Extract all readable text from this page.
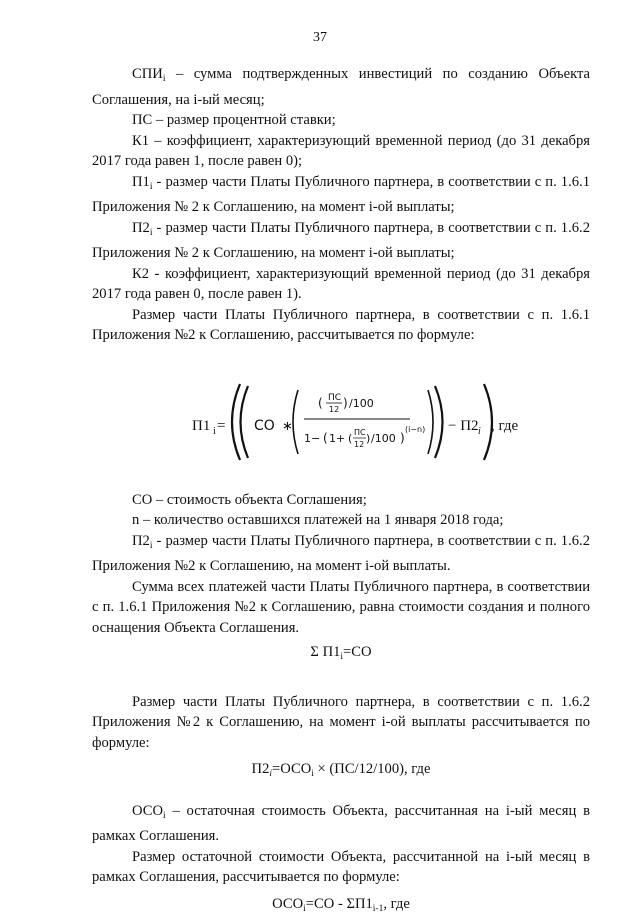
37

$СПИ_i$ – сумма подтвержденных инвестиций по созданию Объекта Соглашения, на i-ый месяц;

ПС – размер процентной ставки;

К1 – коэффициент, характеризующий временной период (до 31 декабря 2017 года равен 1, после равен 0);

$П1_i$ - размер части Платы Публичного партнера, в соответствии с п. 1.6.1 Приложения № 2 к Соглашению, на момент i-ой выплаты;

$П2_i$ - размер части Платы Публичного партнера, в соответствии с п. 1.6.2 Приложения № 2 к Соглашению, на момент i-ой выплаты;

К2 - коэффициент, характеризующий временной период (до 31 декабря 2017 года равен 0, после равен 1).

Размер части Платы Публичного партнера, в соответствии с п. 1.6.1 Приложения №2 к Соглашению, рассчитывается по формуле:

П1 i = СО ∗
ПС
12
( ) /100
1− ( 1+ ( ПС
12 ) /100 )
(i−n) − П2 i , где

СО – стоимость объекта Соглашения;

n – количество оставшихся платежей на 1 января 2018 года;

$П2_i$ - размер части Платы Публичного партнера, в соответствии с п. 1.6.2 Приложения №2 к Соглашению, на момент i-ой выплаты.

Сумма всех платежей части Платы Публичного партнера, в соответствии с п. 1.6.1 Приложения №2 к Соглашению, равна стоимости создания и полного оснащения Объекта Соглашения.

Σ $П1_i=СО$

Размер части Платы Публичного партнера, в соответствии с п. 1.6.2 Приложения №2 к Соглашению, на момент i-ой выплаты рассчитывается по формуле:

$П2_i=ОСО_i \times (ПС/12/100)$, где

$ОСО_i$ – остаточная стоимость Объекта, рассчитанная на i-ый месяц в рамках Соглашения.

Размер остаточной стоимости Объекта, рассчитанной на i-ый месяц в рамках Соглашения, рассчитывается по формуле:

$ОСО_i=СО - \Sigma П1_{i-1}$, где
